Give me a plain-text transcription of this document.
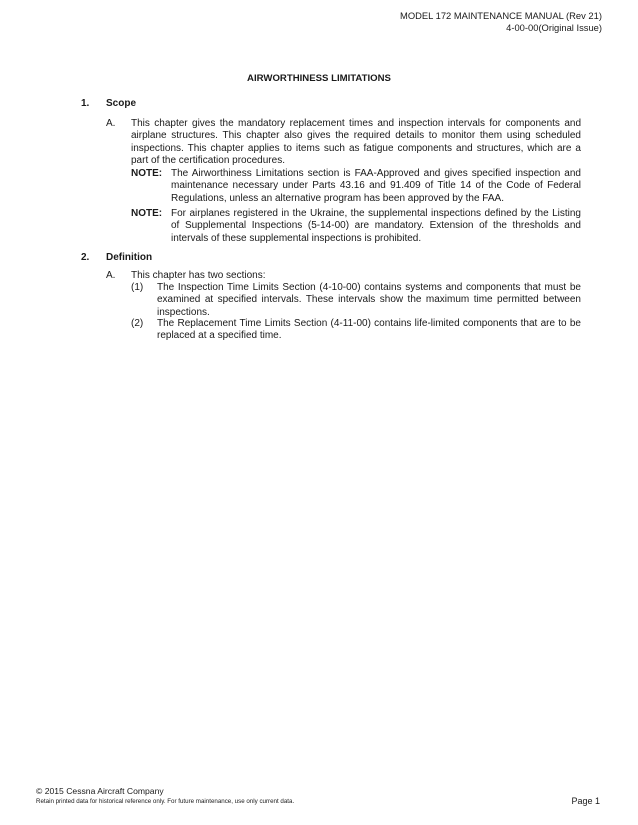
MODEL 172 MAINTENANCE MANUAL (Rev 21)
4-00-00(Original Issue)
AIRWORTHINESS LIMITATIONS
1. Scope
A. This chapter gives the mandatory replacement times and inspection intervals for components and airplane structures. This chapter also gives the required details to monitor them using scheduled inspections. This chapter applies to items such as fatigue components and structures, which are a part of the certification procedures.
NOTE: The Airworthiness Limitations section is FAA-Approved and gives specified inspection and maintenance necessary under Parts 43.16 and 91.409 of Title 14 of the Code of Federal Regulations, unless an alternative program has been approved by the FAA.
NOTE: For airplanes registered in the Ukraine, the supplemental inspections defined by the Listing of Supplemental Inspections (5-14-00) are mandatory. Extension of the thresholds and intervals of these supplemental inspections is prohibited.
2. Definition
A. This chapter has two sections:
(1) The Inspection Time Limits Section (4-10-00) contains systems and components that must be examined at specified intervals. These intervals show the maximum time permitted between inspections.
(2) The Replacement Time Limits Section (4-11-00) contains life-limited components that are to be replaced at a specified time.
© 2015 Cessna Aircraft Company
Retain printed data for historical reference only. For future maintenance, use only current data.	Page 1
